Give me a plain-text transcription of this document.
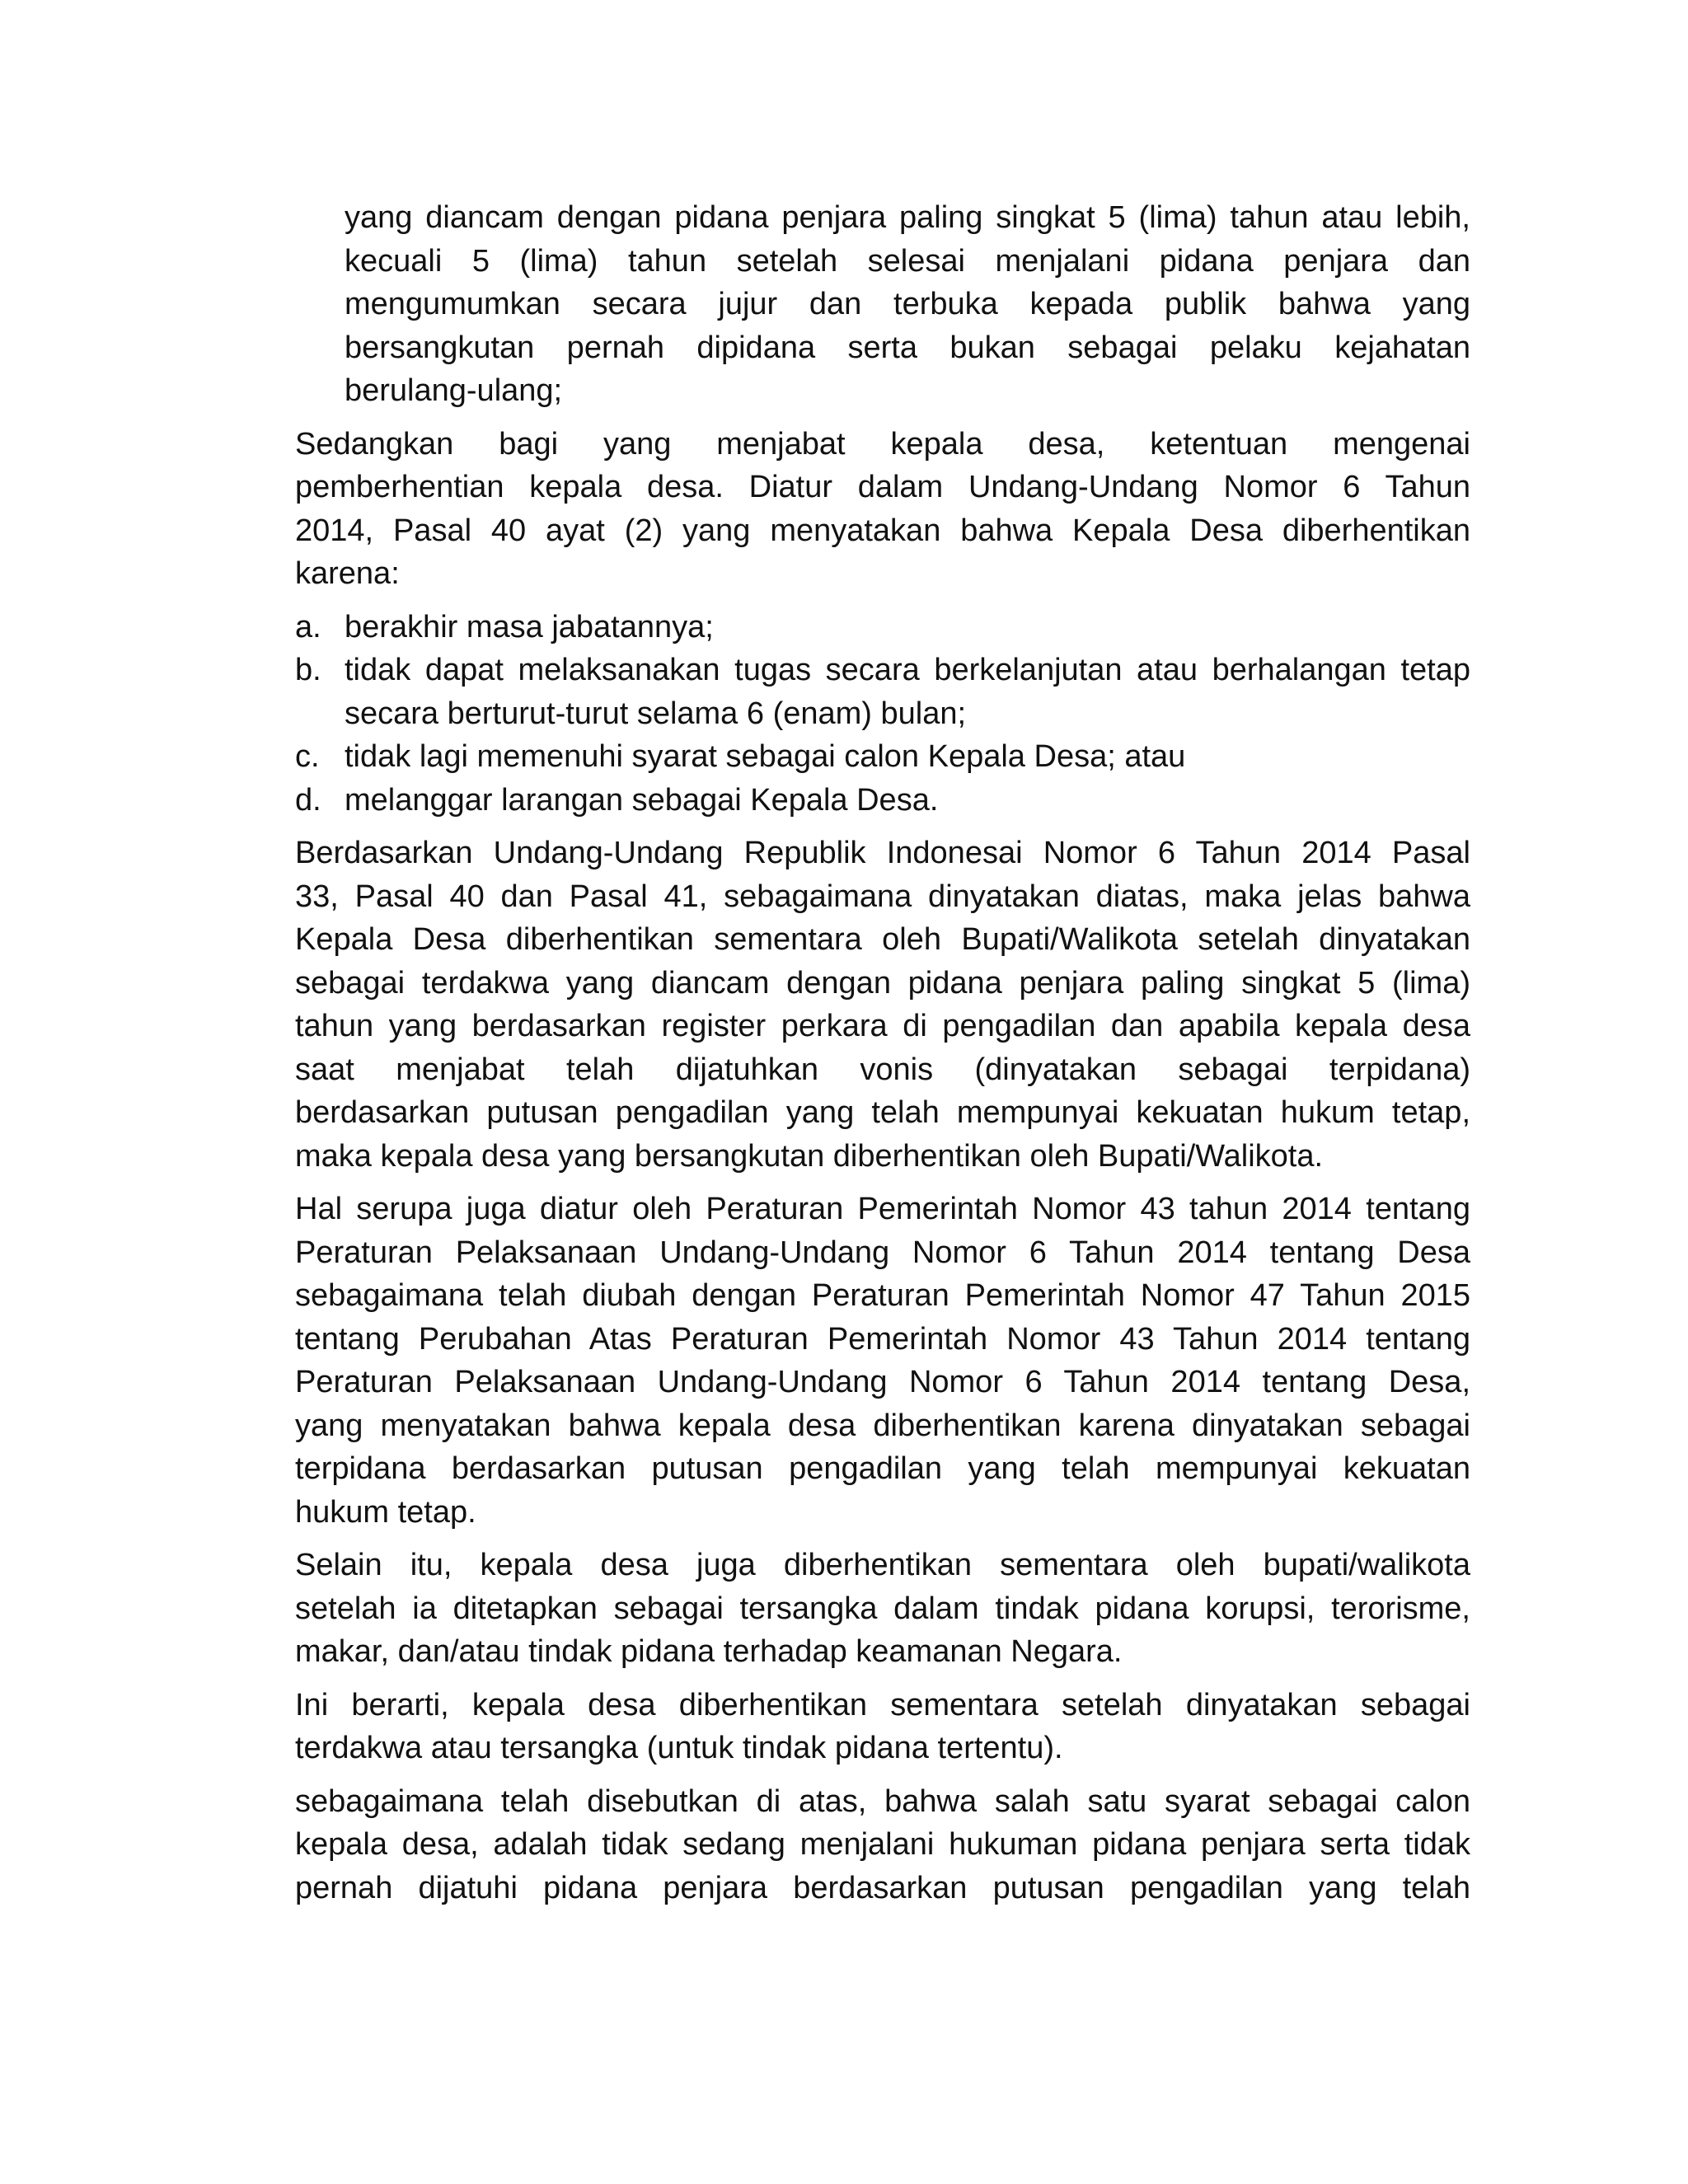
yang diancam dengan pidana penjara paling singkat 5 (lima) tahun atau lebih,
kecuali 5 (lima) tahun setelah selesai menjalani pidana penjara dan
mengumumkan secara jujur dan terbuka kepada publik bahwa yang
bersangkutan pernah dipidana serta bukan sebagai pelaku kejahatan
berulang-ulang;
Sedangkan bagi yang menjabat kepala desa, ketentuan mengenai
pemberhentian kepala desa. Diatur dalam Undang-Undang Nomor 6 Tahun
2014, Pasal 40 ayat (2) yang menyatakan bahwa Kepala Desa diberhentikan
karena:
a. berakhir masa jabatannya;
b. tidak dapat melaksanakan tugas secara berkelanjutan atau berhalangan tetap
secara berturut-turut selama 6 (enam) bulan;
c. tidak lagi memenuhi syarat sebagai calon Kepala Desa; atau
d. melanggar larangan sebagai Kepala Desa.
Berdasarkan Undang-Undang Republik Indonesai Nomor 6 Tahun 2014 Pasal
33, Pasal 40 dan Pasal 41, sebagaimana dinyatakan diatas, maka jelas bahwa
Kepala Desa diberhentikan sementara oleh Bupati/Walikota setelah dinyatakan
sebagai terdakwa yang diancam dengan pidana penjara paling singkat 5 (lima)
tahun yang berdasarkan register perkara di pengadilan dan apabila kepala desa
saat menjabat telah dijatuhkan vonis (dinyatakan sebagai terpidana)
berdasarkan putusan pengadilan yang telah mempunyai kekuatan hukum tetap,
maka kepala desa yang bersangkutan diberhentikan oleh Bupati/Walikota.
Hal serupa juga diatur oleh Peraturan Pemerintah Nomor 43 tahun 2014 tentang
Peraturan Pelaksanaan Undang-Undang Nomor 6 Tahun 2014 tentang Desa
sebagaimana telah diubah dengan Peraturan Pemerintah Nomor 47 Tahun 2015
tentang Perubahan Atas Peraturan Pemerintah Nomor 43 Tahun 2014 tentang
Peraturan Pelaksanaan Undang-Undang Nomor 6 Tahun 2014 tentang Desa,
yang menyatakan bahwa kepala desa diberhentikan karena dinyatakan sebagai
terpidana berdasarkan putusan pengadilan yang telah mempunyai kekuatan
hukum tetap.
Selain itu, kepala desa juga diberhentikan sementara oleh bupati/walikota
setelah ia ditetapkan sebagai tersangka dalam tindak pidana korupsi, terorisme,
makar, dan/atau tindak pidana terhadap keamanan Negara.
Ini berarti, kepala desa diberhentikan sementara setelah dinyatakan sebagai
terdakwa atau tersangka (untuk tindak pidana tertentu).
sebagaimana telah disebutkan di atas, bahwa salah satu syarat sebagai calon
kepala desa, adalah tidak sedang menjalani hukuman pidana penjara serta tidak
pernah dijatuhi pidana penjara berdasarkan putusan pengadilan yang telah
